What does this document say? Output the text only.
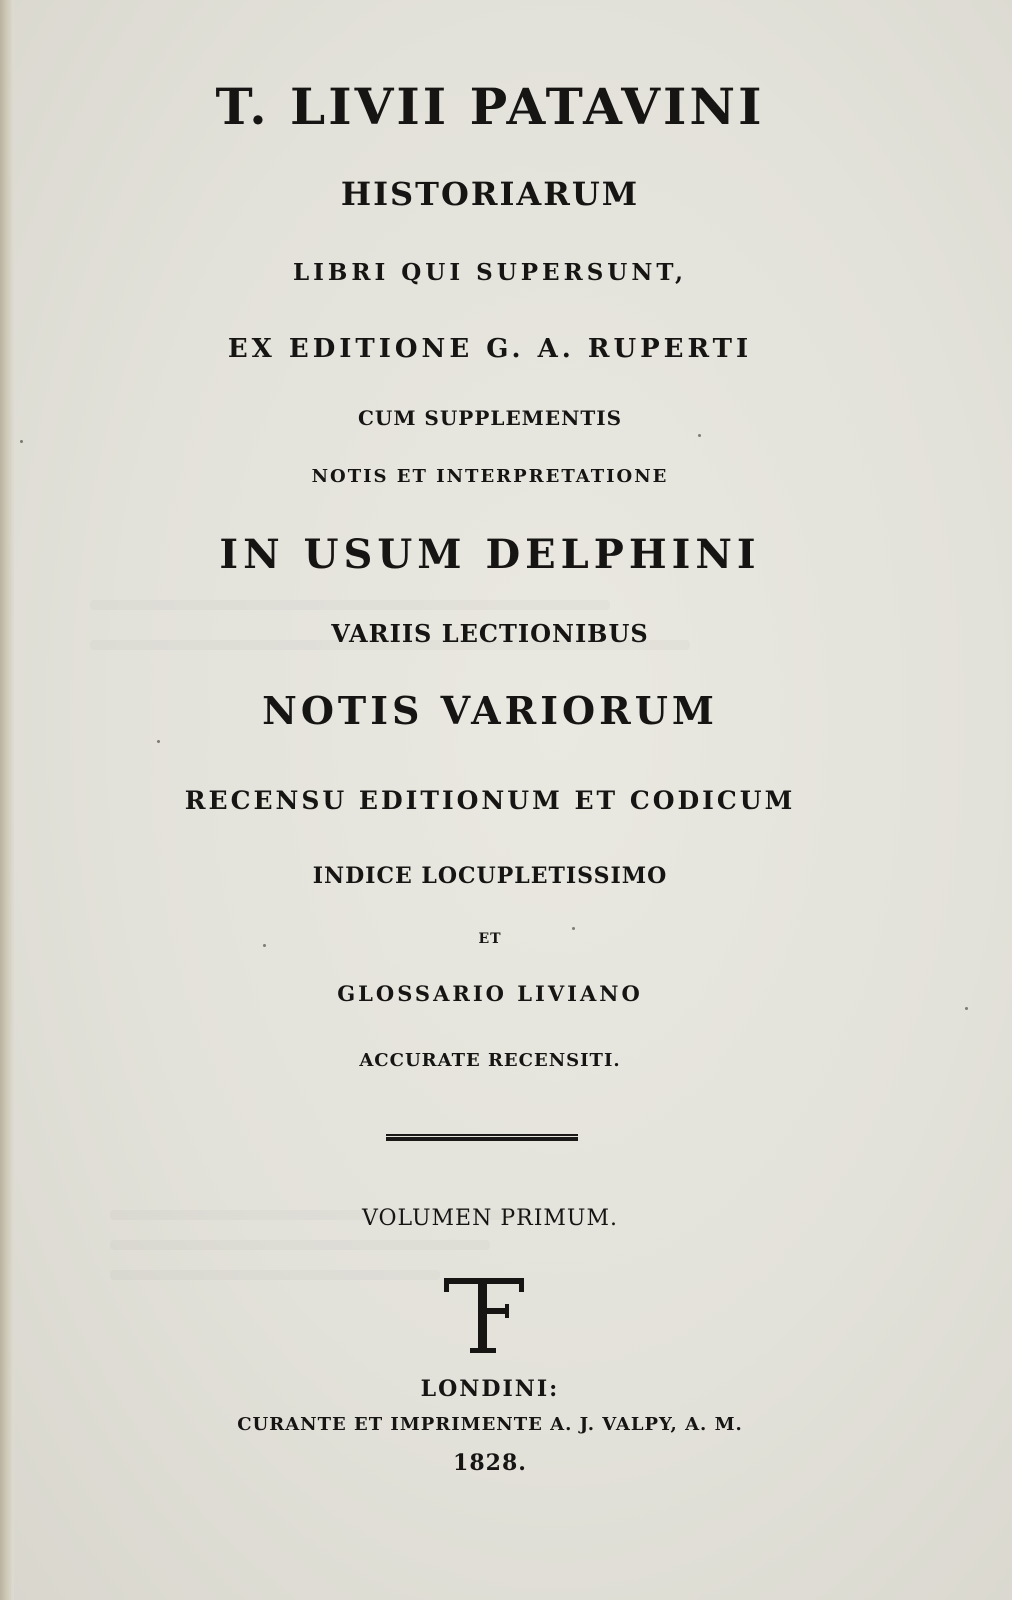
T. LIVII PATAVINI
HISTORIARUM
LIBRI QUI SUPERSUNT,
EX EDITIONE G. A. RUPERTI
CUM SUPPLEMENTIS
NOTIS ET INTERPRETATIONE
IN USUM DELPHINI
VARIIS LECTIONIBUS
NOTIS VARIORUM
RECENSU EDITIONUM ET CODICUM
INDICE LOCUPLETISSIMO
ET
GLOSSARIO LIVIANO
ACCURATE RECENSITI.
VOLUMEN PRIMUM.
LONDINI:
CURANTE ET IMPRIMENTE A. J. VALPY, A. M.
1828.
